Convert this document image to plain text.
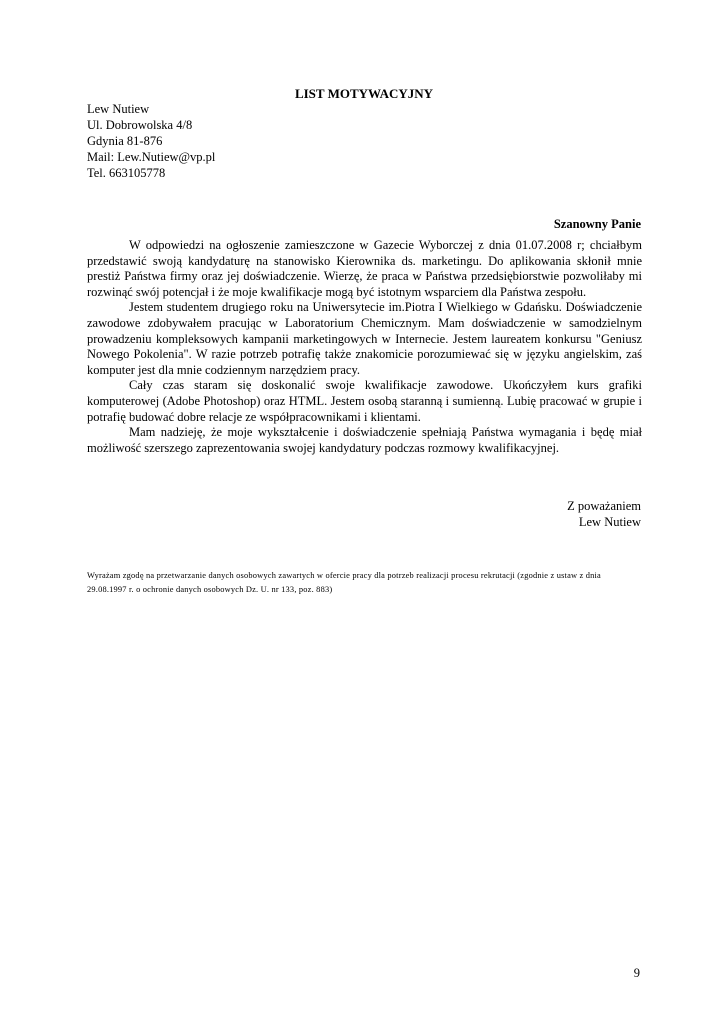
LIST MOTYWACYJNY
Lew Nutiew
Ul. Dobrowolska 4/8
Gdynia 81-876
Mail: Lew.Nutiew@vp.pl
Tel. 663105778
Szanowny Panie

W odpowiedzi na ogłoszenie zamieszczone w Gazecie Wyborczej z dnia 01.07.2008 r; chciałbym przedstawić swoją kandydaturę na stanowisko Kierownika ds. marketingu. Do aplikowania skłonił mnie prestiż Państwa firmy oraz jej doświadczenie. Wierzę, że praca w Państwa przedsiębiorstwie pozwoliłaby mi rozwinąć swój potencjał i że moje kwalifikacje mogą być istotnym wsparciem dla Państwa zespołu.

Jestem studentem drugiego roku na Uniwersytecie im.Piotra I Wielkiego w Gdańsku. Doświadczenie zawodowe zdobywałem pracując w Laboratorium Chemicznym. Mam doświadczenie w samodzielnym prowadzeniu kompleksowych kampanii marketingowych w Internecie. Jestem laureatem konkursu "Geniusz Nowego Pokolenia". W razie potrzeb potrafię także znakomicie porozumiewać się w języku angielskim, zaś komputer jest dla mnie codziennym narzędziem pracy.

Cały czas staram się doskonalić swoje kwalifikacje zawodowe. Ukończyłem kurs grafiki komputerowej (Adobe Photoshop) oraz HTML. Jestem osobą staranną i sumienną. Lubię pracować w grupie i potrafię budować dobre relacje ze współpracownikami i klientami.

Mam nadzieję, że moje wykształcenie i doświadczenie spełniają Państwa wymagania i będę miał możliwość szerszego zaprezentowania swojej kandydatury podczas rozmowy kwalifikacyjnej.

Z poważaniem
Lew Nutiew
Wyrażam zgodę na przetwarzanie danych osobowych zawartych w ofercie pracy dla potrzeb realizacji procesu rekrutacji (zgodnie z ustaw z dnia 29.08.1997 r. o ochronie danych osobowych Dz. U. nr 133, poz. 883)
9
